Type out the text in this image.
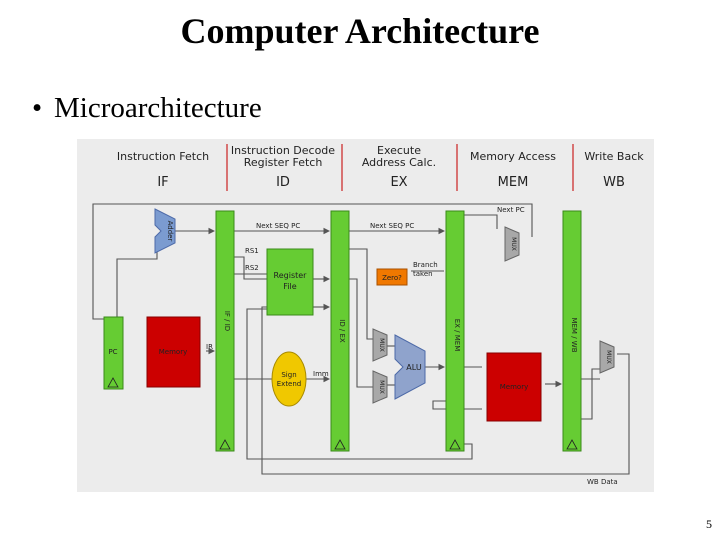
Computer Architecture
• Microarchitecture
Instruction Fetch
IF
Instruction Decode
Register Fetch
ID
Execute
Address Calc.
EX
Memory Access
MEM
Write Back
WB
Adder
PC	Memory
IR
IF / ID
Next SEQ PC
RS1
RS2
Register
File
Sign
Extend
Imm
ID / EX
Next SEQ PC
Zero?
Branch
taken
MUX
MUX
ALU
EX / MEM
Next PC
MUX
Memory
MEM / WB
MUX
WB Data
5
